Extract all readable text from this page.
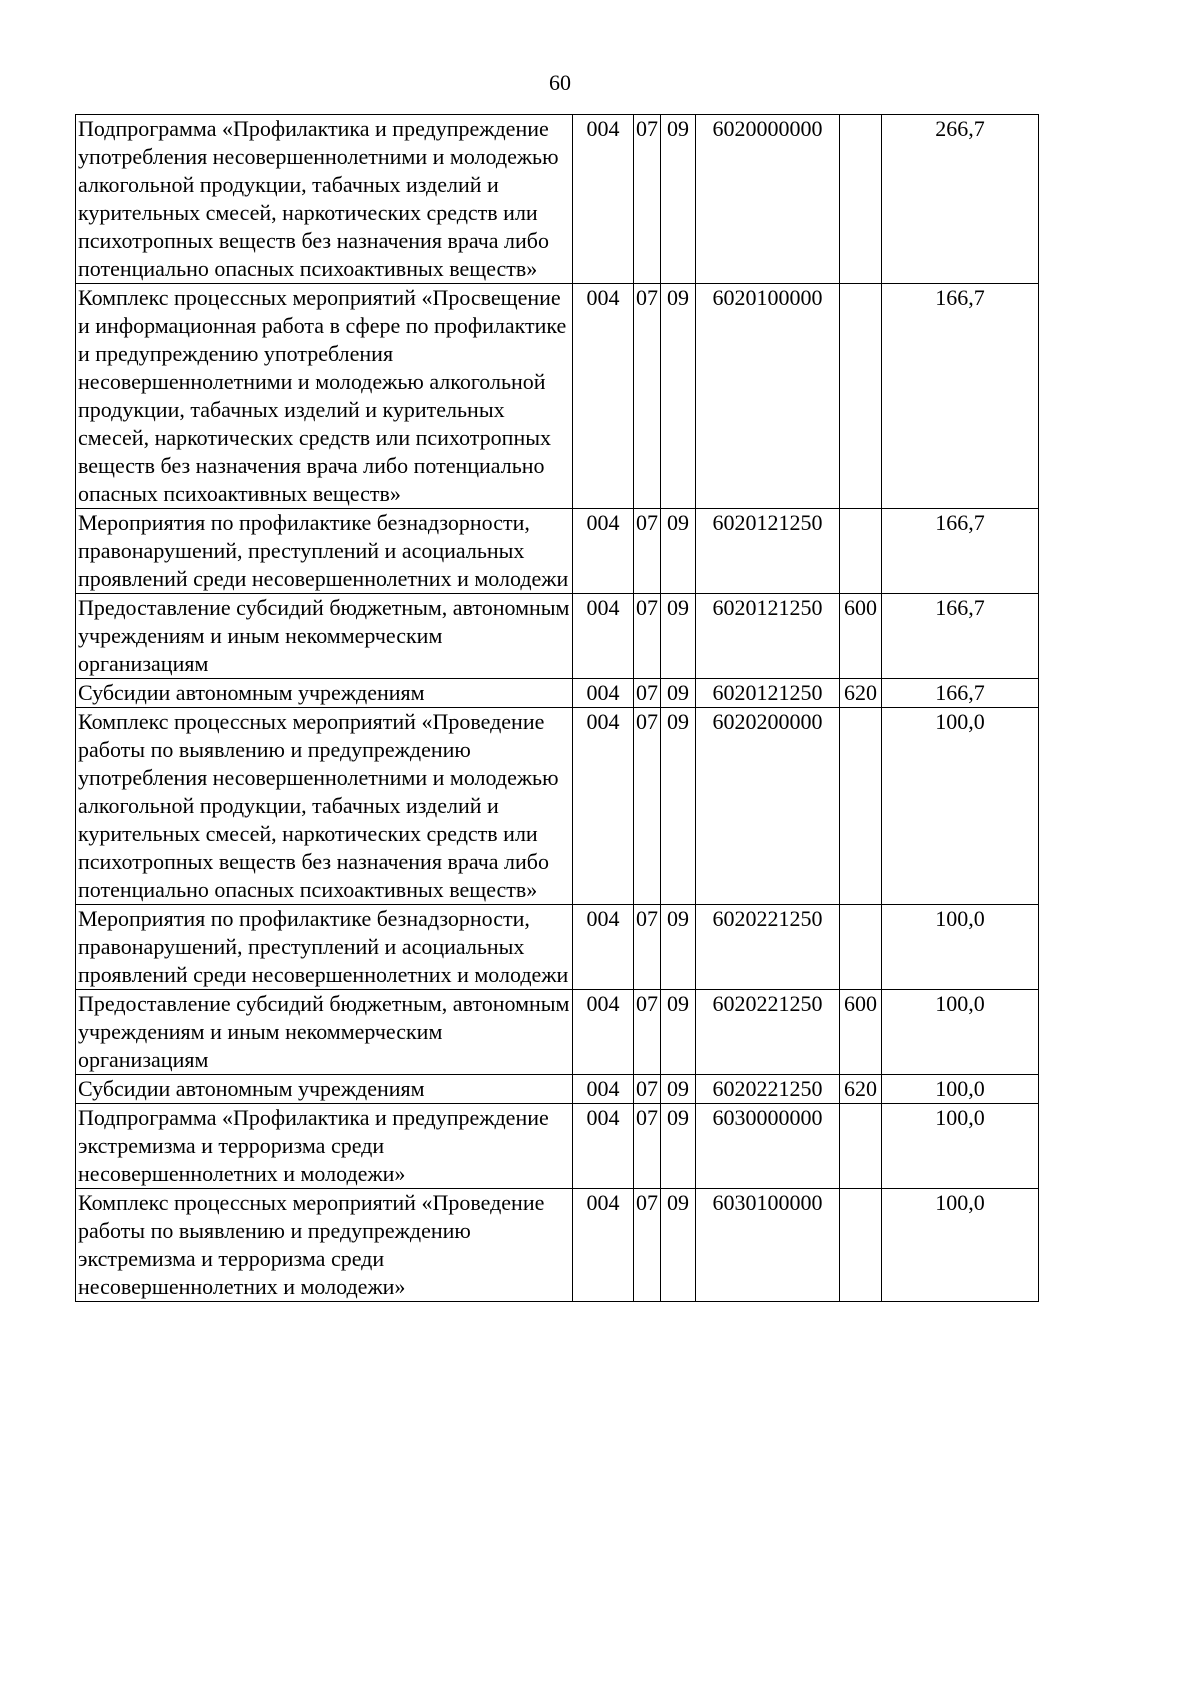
60
Подпрограмма «Профилактика и предупреждение употребления несовершеннолетними и молодежью алкогольной продукции, табачных изделий и курительных смесей, наркотических средств или психотропных веществ без назначения врача либо потенциально опасных психоактивных веществ»	004	07	09	6020000000		266,7
Комплекс процессных мероприятий «Просвещение и информационная работа в сфере по профилактике и предупреждению употребления несовершеннолетними и молодежью алкогольной продукции, табачных изделий и курительных смесей, наркотических средств или психотропных веществ без назначения врача либо потенциально опасных психоактивных веществ»	004	07	09	6020100000		166,7
Мероприятия по профилактике безнадзорности, правонарушений, преступлений и асоциальных проявлений среди несовершеннолетних и молодежи	004	07	09	6020121250		166,7
Предоставление субсидий бюджетным, автономным учреждениям и иным некоммерческим организациям	004	07	09	6020121250	600	166,7
Субсидии автономным учреждениям	004	07	09	6020121250	620	166,7
Комплекс процессных мероприятий «Проведение работы по выявлению и предупреждению употребления несовершеннолетними и молодежью алкогольной продукции, табачных изделий и курительных смесей, наркотических средств или психотропных веществ без назначения врача либо потенциально опасных психоактивных веществ»	004	07	09	6020200000		100,0
Мероприятия по профилактике безнадзорности, правонарушений, преступлений и асоциальных проявлений среди несовершеннолетних и молодежи	004	07	09	6020221250		100,0
Предоставление субсидий бюджетным, автономным учреждениям и иным некоммерческим организациям	004	07	09	6020221250	600	100,0
Субсидии автономным учреждениям	004	07	09	6020221250	620	100,0
Подпрограмма «Профилактика и предупреждение экстремизма и терроризма среди несовершеннолетних и молодежи»	004	07	09	6030000000		100,0
Комплекс процессных мероприятий «Проведение работы по выявлению и предупреждению экстремизма и терроризма среди несовершеннолетних и молодежи»	004	07	09	6030100000		100,0
